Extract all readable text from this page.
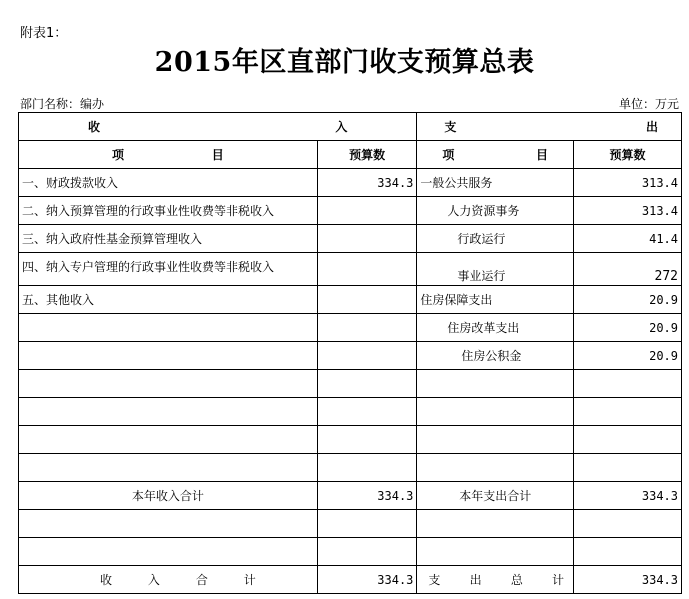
附表1：
2015年区直部门收支预算总表
部门名称：编办	单位：万元
收 入		支 出	

项 目	预算数	项 目	预算数
一、财政拨款收入	334.3	一般公共服务	313.4
二、纳入预算管理的行政事业性收费等非税收入		人力资源事务	313.4
三、纳入政府性基金预算管理收入		行政运行	41.4
四、纳入专户管理的行政事业性收费等非税收入		事业运行	272
五、其他收入		住房保障支出	20.9
		住房改革支出	20.9
		住房公积金	20.9

本年收入合计	334.3	本年支出合计	334.3

收 入 合 计	334.3	支 出 总 计	334.3
